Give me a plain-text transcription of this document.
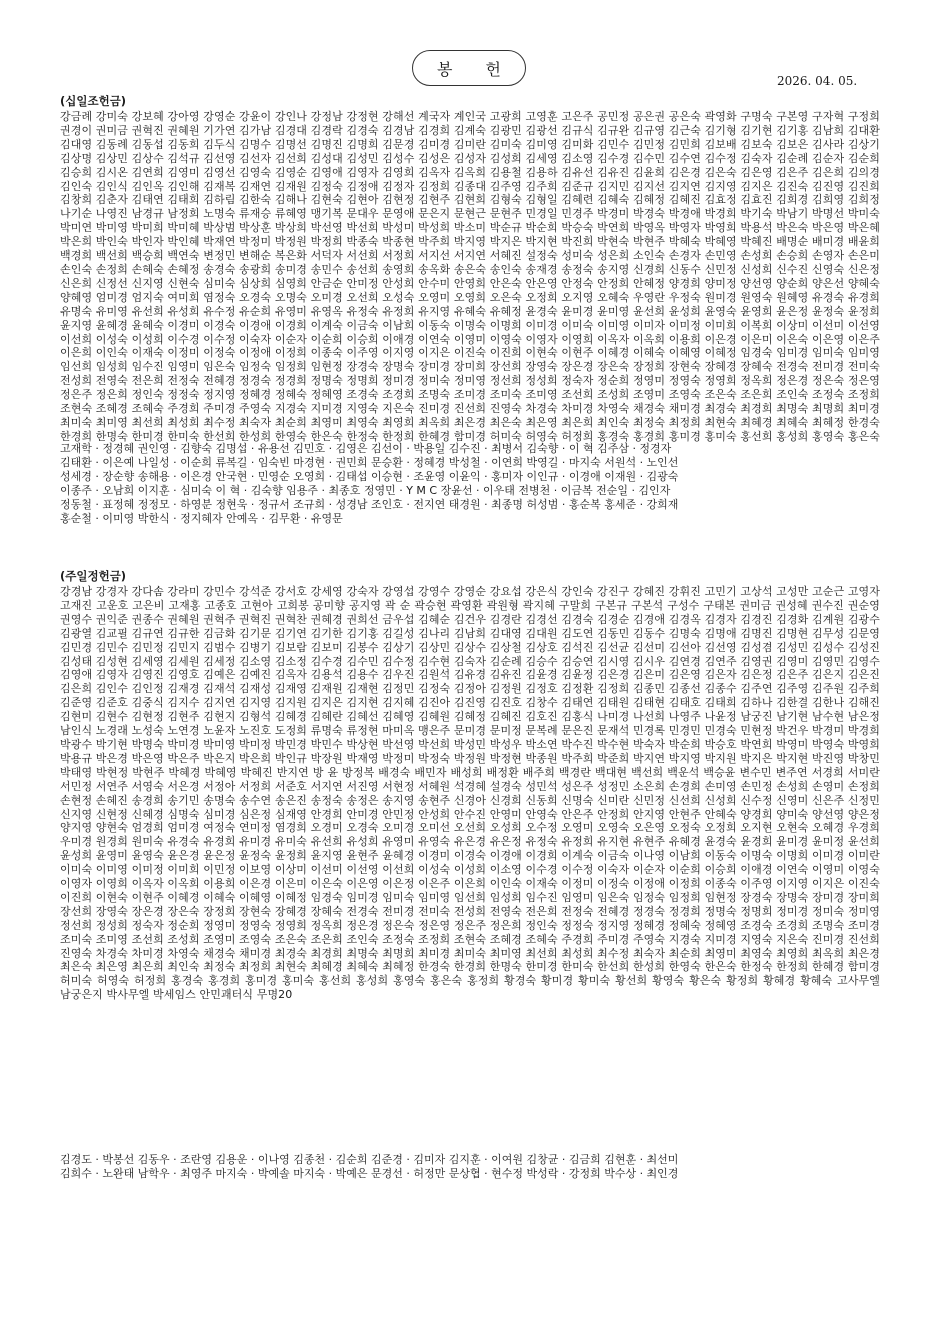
봉 헌
2026. 04. 05.
(십일조헌금)
강금례 강미숙 강보혜 강아영 강영순 강윤이 강인나 강정남 강정현 강해선 계국자 계인국 고광희 고영훈 고은주 공민정 공은권 공은숙 곽영화 구명숙 구본영 구자혁 구정희 권경이 권미금 권혁진 권혜원 기가연 김가남 김경대 김경락 김경숙 김경남 김경희 김계숙 김광민 김광선 김규식 김규완 김규영 김근숙 김기형 김기현 김기홍 김남희 김대환 김대영 김동례 김동섭 김동희 김두식 김명수 김명선 김명진 김명희 김문경 김미경 김미란 김미숙 김미영 김미화 김민수 김민정 김민희 김보배 김보숙 김보은 김사라 김상기 김상명 김상민 김상수 김석규 김선영 김선자 김선희 김성대 김성민 김성수 김성은 김성자 김성희 김세영 김소영 김수경 김수민 김수연 김수정 김숙자 김순례 김순자 김순희 김승희 김시온 김연희 김영미 김영선 김영숙 김영순 김영애 김영자 김영희 김옥자 김옥희 김용철 김용하 김유선 김유진 김윤희 김은경 김은숙 김은영 김은주 김은희 김의경 김인숙 김인식 김인옥 김인해 김재복 김재연 김재원 김정숙 김정애 김정자 김정희 김종대 김주영 김주희 김준규 김지민 김지선 김지연 김지영 김지은 김진숙 김진영 김진희 김창희 김춘자 김태연 김태희 김하림 김한숙 김해나 김현숙 김현아 김현정 김현주 김현희 김형숙 김형일 김혜련 김혜숙 김혜정 김혜진 김효정 김효진 김희경 김희영 김희정 나기순 나영진 남경규 남정희 노명숙 류재승 류혜영 맹기복 문대우 문영애 문은지 문현근 문현주 민경일 민경주 박경미 박경숙 박경애 박경희 박기숙 박남기 박명선 박미숙 박미연 박미영 박미희 박미혜 박상범 박상훈 박상희 박선영 박선희 박성미 박성희 박소미 박순규 박순희 박승숙 박연희 박영옥 박영자 박영희 박용석 박은숙 박은영 박은혜 박은희 박인숙 박인자 박인혜 박재연 박정미 박정원 박정희 박종숙 박종현 박주희 박지영 박지은 박지현 박진희 박현숙 박현주 박혜숙 박혜영 박혜진 배명순 배미경 배윤희 백경희 백선희 백승희 백연숙 변정민 변해순 복은화 서덕자 서선희 서정희 서지선 서지연 서혜진 설정숙 성미숙 성은희 소인숙 손경자 손민영 손성희 손승희 손영자 손은미 손인숙 손정희 손혜숙 손혜정 송경숙 송광희 송미경 송민수 송선희 송영희 송옥화 송은숙 송인숙 송재경 송정숙 송지영 신경희 신동수 신민정 신성희 신수진 신영숙 신은정 신은희 신정선 신지영 신현숙 심미숙 심상희 심영희 안금순 안미정 안성희 안수미 안영희 안은숙 안은영 안정숙 안정희 안혜정 양경희 양미정 양선영 양순희 양은선 양혜숙 양혜영 엄미경 엄지숙 여미희 염정숙 오경숙 오명숙 오미경 오선희 오성숙 오영미 오영희 오은숙 오정희 오지영 오혜숙 우영란 우정숙 원미경 원영숙 원혜영 유경숙 유경희 유명숙 유미영 유선희 유성희 유수정 유순희 유영미 유영옥 유정숙 유정희 유지영 유혜숙 유혜정 윤경숙 윤미경 윤미영 윤선희 윤성희 윤영숙 윤영희 윤은정 윤정숙 윤정희 윤지영 윤혜경 윤혜숙 이경미 이경숙 이경애 이경희 이계숙 이금숙 이남희 이동숙 이명숙 이명희 이미경 이미숙 이미영 이미자 이미정 이미희 이복희 이상미 이선미 이선영 이선희 이성숙 이성희 이수경 이수정 이숙자 이순자 이순희 이승희 이애경 이연숙 이영미 이영숙 이영자 이영희 이옥자 이옥희 이용희 이은경 이은미 이은숙 이은영 이은주 이은희 이인숙 이재숙 이정미 이정숙 이정애 이정희 이종숙 이주영 이지영 이지은 이진숙 이진희 이현숙 이현주 이혜경 이혜숙 이혜영 이혜정 임경숙 임미경 임미숙 임미영 임선희 임성희 임수진 임영미 임은숙 임정숙 임정희 임현정 장경숙 장명숙 장미경 장미희 장선희 장영숙 장은경 장은숙 장정희 장현숙 장혜경 장혜숙 전경숙 전미경 전미숙 전성희 전영숙 전은희 전정숙 전혜경 정경숙 정경희 정명숙 정명희 정미경 정미숙 정미영 정선희 정성희 정숙자 정순희 정영미 정영숙 정영희 정옥희 정은경 정은숙 정은영 정은주 정은희 정인숙 정정숙 정지영 정혜경 정혜숙 정혜영 조경숙 조경희 조명숙 조미경 조미숙 조미영 조선희 조성희 조영미 조영숙 조은숙 조은희 조인숙 조정숙 조정희 조현숙 조혜경 조혜숙 주경희 주미경 주영숙 지경숙 지미경 지영숙 지은숙 진미경 진선희 진영숙 차경숙 차미경 차영숙 채경숙 채미경 최경숙 최경희 최명숙 최명희 최미경 최미숙 최미영 최선희 최성희 최수정 최숙자 최순희 최영미 최영숙 최영희 최옥희 최은경 최은숙 최은영 최은희 최인숙 최정숙 최정희 최현숙 최혜경 최혜숙 최혜정 한경숙 한경희 한명숙 한미경 한미숙 한선희 한성희 한영숙 한은숙 한정숙 한정희 한혜경 함미경 허미숙 허영숙 허정희 홍경숙 홍경희 홍미경 홍미숙 홍선희 홍성희 홍영숙 홍은숙
고재학 · 정경혜 권인영 · 김향숙 김명섭 · 유용선 김민호 · 김영은 김선이 · 박용일 김수진 · 최병서 김숙향 · 이 혁 김주삼 · 정경자
김태환 · 이은예 나일성 · 이순희 류복길 · 임숙빈 마경현 · 권민희 문승환 · 정혜경 박성철 · 이연희 박영길 · 마지숙 서원석 · 노인선
성세경 · 장순향 송해용 · 이은경 안국현 · 민영순 오영희 · 김태섭 이승현 · 조윤영 이윤익 · 홍미자 이인규 · 이경애 이재원 · 김광숙
이종주 · 오남희 이지훈 · 심미숙 이 혁 · 김숙향 임용주 · 최종호 정영민 · Y M C 장윤선 · 이우태 전병천 · 이금복 전순일 · 김인자
정동철 · 표정혜 정정모 · 하영분 정현욱 · 정규서 조규희 · 성경남 조인호 · 전지연 태경원 · 최종명 허성범 · 홍순복 홍세준 · 강희재
홍순철 · 이미영 박한식 · 정지혜자 안예옥 · 김무환 · 유영문
(주일정헌금)
강경남 강경자 강다솜 강라미 강민수 강석준 강서호 강세영 강숙자 강영섭 강영수 강영순 강요섭 강은식 강인숙 강진구 강혜진 강휘진 고민기 고상석 고성만 고순근 고영자 고재진 고운호 고은비 고재홍 고종호 고현아 고희봉 공미향 공지영 곽 순 곽승현 곽영환 곽원형 곽지혜 구말희 구본규 구본석 구성수 구태본 권미금 권성혜 권수진 권순영 권영수 권익준 권종수 권혜원 권혁주 권혁진 권혁찬 권혜경 권희선 금우섭 김혜순 김건우 김경란 김경선 김경숙 김경순 김경애 김경옥 김경자 김경진 김경화 김계원 김광수 김광열 김교필 김규연 김규한 김금화 김기문 김기연 김기한 김기홍 김길성 김나리 김남희 김대영 김대원 김도연 김동민 김동수 김명숙 김명애 김명진 김명현 김무성 김문영 김민경 김민수 김민정 김민지 김범수 김병기 김보람 김보미 김봉수 김상기 김상민 김상수 김상철 김상호 김석진 김선균 김선미 김선아 김선영 김성겸 김성민 김성수 김성진 김성태 김성현 김세영 김세원 김세정 김소영 김소정 김수경 김수민 김수정 김수현 김숙자 김순례 김승수 김승연 김시영 김시우 김연경 김연주 김영권 김영미 김영민 김영수 김영애 김영자 김영진 김영호 김예은 김예진 김옥자 김용석 김용수 김우진 김원석 김유경 김유진 김윤경 김윤정 김은경 김은미 김은영 김은자 김은정 김은주 김은지 김은진 김은희 김인수 김인정 김재경 김재석 김재성 김재영 김재원 김재현 김정민 김정숙 김정아 김정원 김정호 김정환 김정희 김종민 김종선 김종수 김주연 김주영 김주원 김주희 김준영 김준호 김중식 김지수 김지연 김지영 김지원 김지은 김지현 김지혜 김진아 김진영 김진호 김창수 김태연 김태원 김태현 김태호 김태희 김하나 김한결 김한나 김해진 김현미 김현수 김현정 김현주 김현지 김형석 김혜경 김혜란 김혜선 김혜영 김혜원 김혜정 김혜진 김호진 김홍식 나미경 나선희 나영주 나윤정 남궁진 남기현 남수현 남은정 남인식 노경래 노성숙 노연경 노윤자 노진호 도정희 류명숙 류정현 마미옥 맹은주 문미경 문미정 문복례 문은진 문재석 민경록 민경민 민경숙 민현정 박건우 박경미 박경희 박광수 박기현 박명숙 박미경 박미영 박미정 박민경 박민수 박상현 박선영 박선희 박성민 박성우 박소연 박수진 박수현 박숙자 박순희 박승호 박연희 박영미 박영숙 박영희 박용규 박은경 박은영 박은주 박은지 박은희 박인규 박장원 박재영 박정미 박정숙 박정원 박정현 박종원 박주희 박준희 박지연 박지영 박지원 박지은 박지현 박진영 박창민 박태영 박현정 박현주 박혜경 박혜영 박혜진 반지연 방 윤 방정복 배경숙 배민자 배성희 배정환 배주희 백경란 백대현 백선희 백운석 백승윤 변수민 변주연 서경희 서미란 서민정 서연주 서영숙 서은경 서정아 서정희 서준호 서지연 서진영 서현정 서혜원 석경혜 설경숙 성민석 성은주 성정민 소은희 손경희 손미영 손민정 손성희 손영미 손정희 손현정 손혜진 송경희 송기민 송명숙 송수연 송은진 송정숙 송정은 송지영 송현주 신경아 신경희 신동희 신명숙 신미란 신민정 신선희 신성희 신수정 신영미 신은주 신정민 신지영 신현정 신혜경 심명숙 심미경 심은정 심재영 안경희 안미경 안민정 안성희 안수진 안영미 안영숙 안은주 안정희 안지영 안현주 안혜숙 양경희 양미숙 양선영 양은정 양지영 양현숙 엄경희 엄미경 여정숙 연미정 염경희 오경미 오경숙 오미경 오미선 오선희 오성희 오수정 오영미 오영숙 오은영 오정숙 오정희 오지현 오현숙 오혜경 우경희 우미경 원경희 원미숙 유경숙 유경희 유미경 유미숙 유선희 유성희 유영미 유영숙 유은경 유은정 유정숙 유정희 유지현 유현주 유혜경 윤경숙 윤경희 윤미경 윤미정 윤선희 윤성희 윤영미 윤영숙 윤은경 윤은정 윤정숙 윤정희 윤지영 윤현주 윤혜경 이경미 이경숙 이경애 이경희 이계숙 이금숙 이나영 이남희 이동숙 이명숙 이명희 이미경 이미란 이미숙 이미영 이미정 이미희 이민정 이보영 이상미 이선미 이선영 이선희 이성숙 이성희 이소영 이수경 이수정 이숙자 이순자 이순희 이승희 이애경 이연숙 이영미 이영숙 이영자 이영희 이옥자 이옥희 이용희 이은경 이은미 이은숙 이은영 이은정 이은주 이은희 이인숙 이재숙 이정미 이정숙 이정애 이정희 이종숙 이주영 이지영 이지은 이진숙 이진희 이현숙 이현주 이혜경 이혜숙 이혜영 이혜정 임경숙 임미경 임미숙 임미영 임선희 임성희 임수진 임영미 임은숙 임정숙 임정희 임현정 장경숙 장명숙 장미경 장미희 장선희 장영숙 장은경 장은숙 장정희 장현숙 장혜경 장혜숙 전경숙 전미경 전미숙 전성희 전영숙 전은희 전정숙 전혜경 정경숙 정경희 정명숙 정명희 정미경 정미숙 정미영 정선희 정성희 정숙자 정순희 정영미 정영숙 정영희 정옥희 정은경 정은숙 정은영 정은주 정은희 정인숙 정정숙 정지영 정혜경 정혜숙 정혜영 조경숙 조경희 조명숙 조미경 조미숙 조미영 조선희 조성희 조영미 조영숙 조은숙 조은희 조인숙 조정숙 조정희 조현숙 조혜경 조혜숙 주경희 주미경 주영숙 지경숙 지미경 지영숙 지은숙 진미경 진선희 진영숙 차경숙 차미경 차영숙 채경숙 채미경 최경숙 최경희 최명숙 최명희 최미경 최미숙 최미영 최선희 최성희 최수정 최숙자 최순희 최영미 최영숙 최영희 최옥희 최은경 최은숙 최은영 최은희 최인숙 최정숙 최정희 최현숙 최혜경 최혜숙 최혜정 한경숙 한경희 한명숙 한미경 한미숙 한선희 한성희 한영숙 한은숙 한정숙 한정희 한혜경 함미경 허미숙 허영숙 허정희 홍경숙 홍경희 홍미경 홍미숙 홍선희 홍성희 홍영숙 홍은숙 홍정희 황경숙 황미경 황미숙 황선희 황영숙 황은숙 황정희 황혜경 황혜숙 고사무엘 남궁은지 박사무엘 박세임스 안민괘터식 무명20
김경도 · 박봉선 김동우 · 조란영 김용운 · 이나영 김종천 · 김순희 김준경 · 김미자 김지훈 · 이여원 김창균 · 김금희 김현훈 · 최선미
김희수 · 노완태 남학우 · 최영주 마지숙 · 박예솔 마지숙 · 박예은 문경선 · 허정만 문상협 · 현수정 박성락 · 강정희 박수상 · 최인경
